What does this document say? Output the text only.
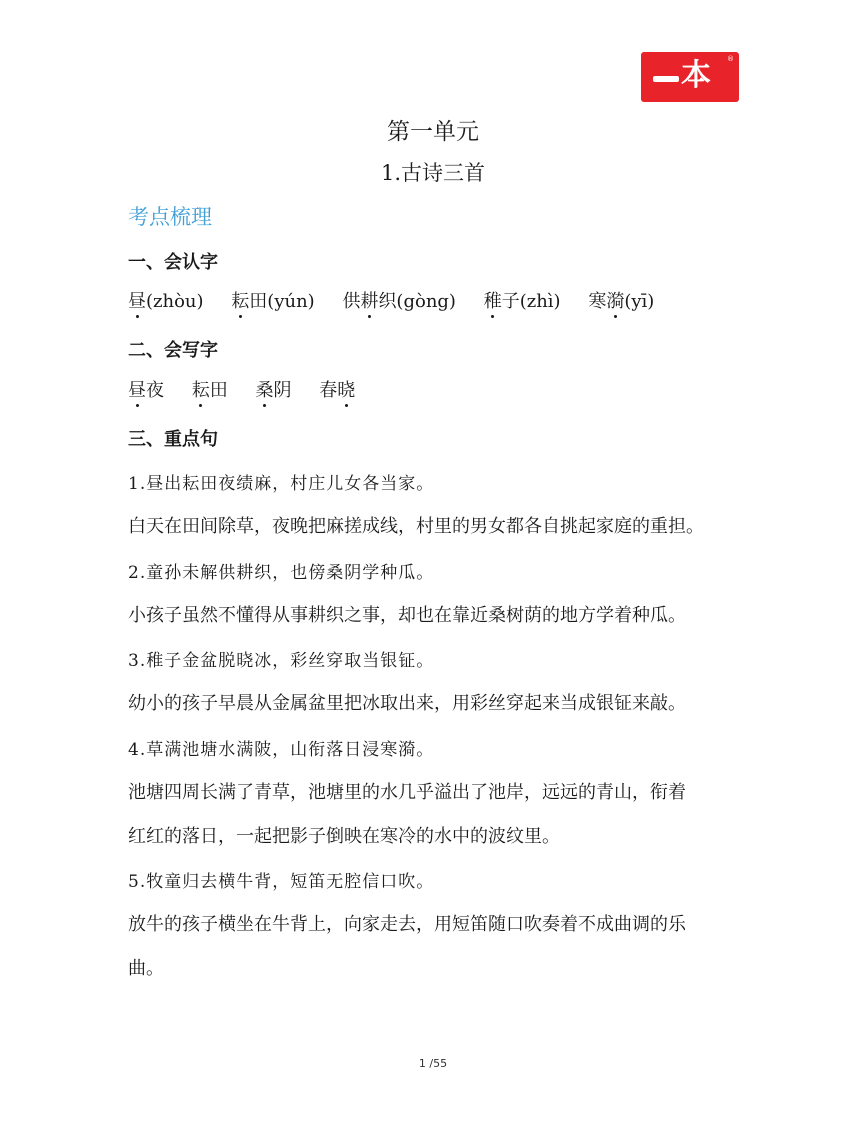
本 ®
第一单元
1.古诗三首
考点梳理
一、会认字
昼(zhòu) 耘田(yún) 供耕织(gòng) 稚子(zhì) 寒漪(yī)
二、会写字
昼夜 耘田 桑阴 春晓
三、重点句
1.昼出耘田夜绩麻，村庄儿女各当家。
白天在田间除草，夜晚把麻搓成线，村里的男女都各自挑起家庭的重担。
2.童孙未解供耕织，也傍桑阴学种瓜。
小孩子虽然不懂得从事耕织之事，却也在靠近桑树荫的地方学着种瓜。
3.稚子金盆脱晓冰，彩丝穿取当银钲。
幼小的孩子早晨从金属盆里把冰取出来，用彩丝穿起来当成银钲来敲。
4.草满池塘水满陂，山衔落日浸寒漪。
池塘四周长满了青草，池塘里的水几乎溢出了池岸，远远的青山，衔着
红红的落日，一起把影子倒映在寒冷的水中的波纹里。
5.牧童归去横牛背，短笛无腔信口吹。
放牛的孩子横坐在牛背上，向家走去，用短笛随口吹奏着不成曲调的乐
曲。
1 /55
